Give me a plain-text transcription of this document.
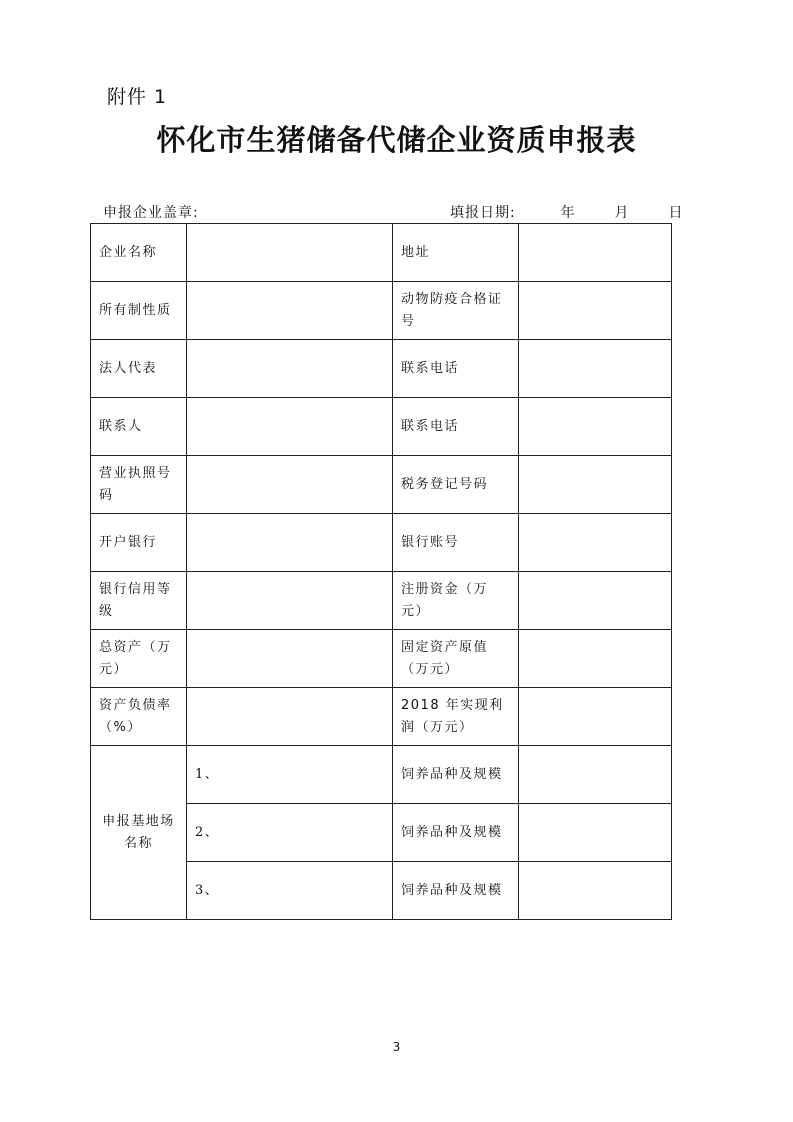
附件 1
怀化市生猪储备代储企业资质申报表
申报企业盖章:	填报日期:	年	月	日
企业名称		地址	
所有制性质		动物防疫合格证号	
法人代表		联系电话	
联系人		联系电话	
营业执照号码		税务登记号码	
开户银行		银行账号	
银行信用等级		注册资金（万元）	
总资产（万元）		固定资产原值（万元）	
资产负债率（%）		2018 年实现利润（万元）	
申报基地场名称	1、	饲养品种及规模	
	2、	饲养品种及规模	
	3、	饲养品种及规模	
3
